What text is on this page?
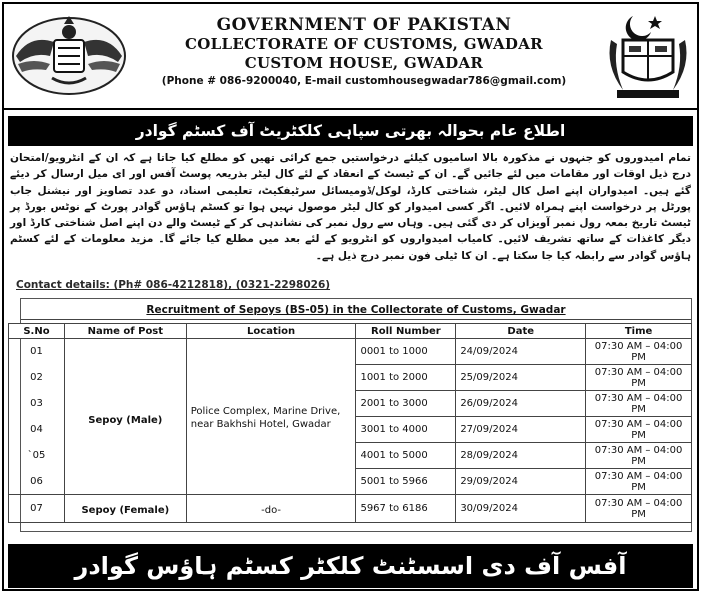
GOVERNMENT OF PAKISTAN
COLLECTORATE OF CUSTOMS, GWADAR
CUSTOM HOUSE, GWADAR
(Phone # 086-9200040, E-mail customhousegwadar786@gmail.com)
اطلاع عام بحوالہ بھرتی سپاہی کلکٹریٹ آف کسٹم گوادر
تمام امیدوروں کو جنہوں نے مذکورہ بالا اسامیوں کیلئے درخواستیں جمع کرائی تھیں کو مطلع کیا جاتا ہے کہ ان کے انٹرویو/امتحان درج ذیل اوقات اور مقامات میں لئے جائیں گے۔ ان کے ٹیسٹ کے انعقاد کے لئے کال لیٹر بذریعہ پوسٹ آفس اور ای میل ارسال کر دیئے گئے ہیں۔ امیدواران اپنے اصل کال لیٹر، شناختی کارڈ، لوکل/ڈومیسائل سرٹیفکیٹ، تعلیمی اسناد، دو عدد تصاویز اور نیشنل جاب پورٹل پر درخواست اپنے ہمراہ لائیں۔ اگر کسی امیدوار کو کال لیٹر موصول نہیں ہوا تو کسٹم ہاؤس گوادر پورٹ کے نوٹس بورڈ پر ٹیسٹ تاریخ بمعہ رول نمبر آویزاں کر دی گئی ہیں۔ وہاں سے رول نمبر کی نشاندہی کر کے ٹیسٹ والے دن اپنے اصل شناختی کارڈ اور دیگر کاغذات کے ساتھ تشریف لائیں۔ کامیاب امیدواروں کو انٹرویو کے لئے بعد میں مطلع کیا جائے گا۔ مزید معلومات کے لئے کسٹم ہاؤس گوادر سے رابطہ کیا جا سکتا ہے۔ ان کا ٹیلی فون نمبر درج ذیل ہے۔
Contact details: (Ph# 086-4212818), (0321-2298026)
Recruitment of Sepoys (BS-05) in the Collectorate of Customs, Gwadar
S.No	Name of Post	Location	Roll Number	Date	Time
01	Sepoy (Male)	Police Complex, Marine Drive, near Bakhshi Hotel, Gwadar	0001 to 1000	24/09/2024	07:30 AM – 04:00 PM
02			1001 to 2000	25/09/2024	07:30 AM – 04:00 PM
03			2001 to 3000	26/09/2024	07:30 AM – 04:00 PM
04			3001 to 4000	27/09/2024	07:30 AM – 04:00 PM
`05			4001 to 5000	28/09/2024	07:30 AM – 04:00 PM
06			5001 to 5966	29/09/2024	07:30 AM – 04:00 PM
07	Sepoy (Female)	-do-	5967 to 6186	30/09/2024	07:30 AM – 04:00 PM
آفس آف دی اسسٹنٹ کلکٹر کسٹم ہاؤس گوادر
